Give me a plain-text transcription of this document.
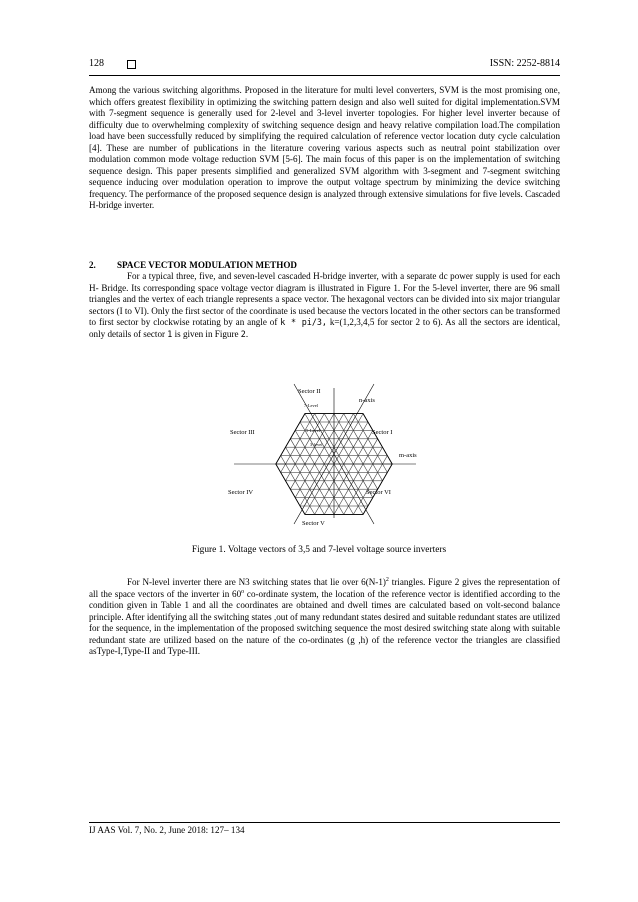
128	ISSN: 2252-8814

Among the various switching algorithms. Proposed in the literature for multi level converters, SVM is the most promising one, which offers greatest flexibility in optimizing the switching pattern design and also well suited for digital implementation.SVM with 7-segment sequence is generally used for 2-level and 3-level inverter topologies. For higher level inverter because of difficulty due to overwhelming complexity of switching sequence design and heavy relative compilation load.The compilation load have been successfully reduced by simplifying the required calculation of reference vector location duty cycle calculation [4]. These are number of publications in the literature covering various aspects such as neutral point stabilization over modulation common mode voltage reduction SVM [5-6]. The main focus of this paper is on the implementation of switching sequence design. This paper presents simplified and generalized SVM algorithm with 3-segment and 7-segment switching sequence inducing over modulation operation to improve the output voltage spectrum by minimizing the device switching frequency. The performance of the proposed sequence design is analyzed through extensive simulations for five levels. Cascaded H-bridge inverter.

2. SPACE VECTOR MODULATION METHOD

For a typical three, five, and seven-level cascaded H-bridge inverter, with a separate dc power supply is used for each H- Bridge. Its corresponding space voltage vector diagram is illustrated in Figure 1. For the 5-level inverter, there are 96 small triangles and the vertex of each triangle represents a space vector. The hexagonal vectors can be divided into six major triangular sectors (I to VI). Only the first sector of the coordinate is used because the vectors located in the other sectors can be transformed to first sector by clockwise rotating by an angle of k * pi/3, k=(1,2,3,4,5 for sector 2 to 6). As all the sectors are identical, only details of sector 1 is given in Figure 2.

Sector II
7-Level
n-axis
Sector III	Sector I
5-Level
3-level
m-axis
Sector IV	Sector VI
Sector V

Figure 1. Voltage vectors of 3,5 and 7-level voltage source inverters

For N-level inverter there are N3 switching states that lie over $6(N-1)^2$ triangles. Figure 2 gives the representation of all the space vectors of the inverter in 60$^o$ co-ordinate system, the location of the reference vector is identified according to the condition given in Table 1 and all the coordinates are obtained and dwell times are calculated based on volt-second balance principle. After identifying all the switching states ,out of many redundant states desired and suitable redundant states are utilized for the sequence, in the implementation of the proposed switching sequence the most desired switching state along with suitable redundant state are utilized based on the nature of the co-ordinates (g ,h) of the reference vector the triangles are classified asType-I,Type-II and Type-III.

IJ AAS Vol. 7, No. 2, June 2018: 127– 134
